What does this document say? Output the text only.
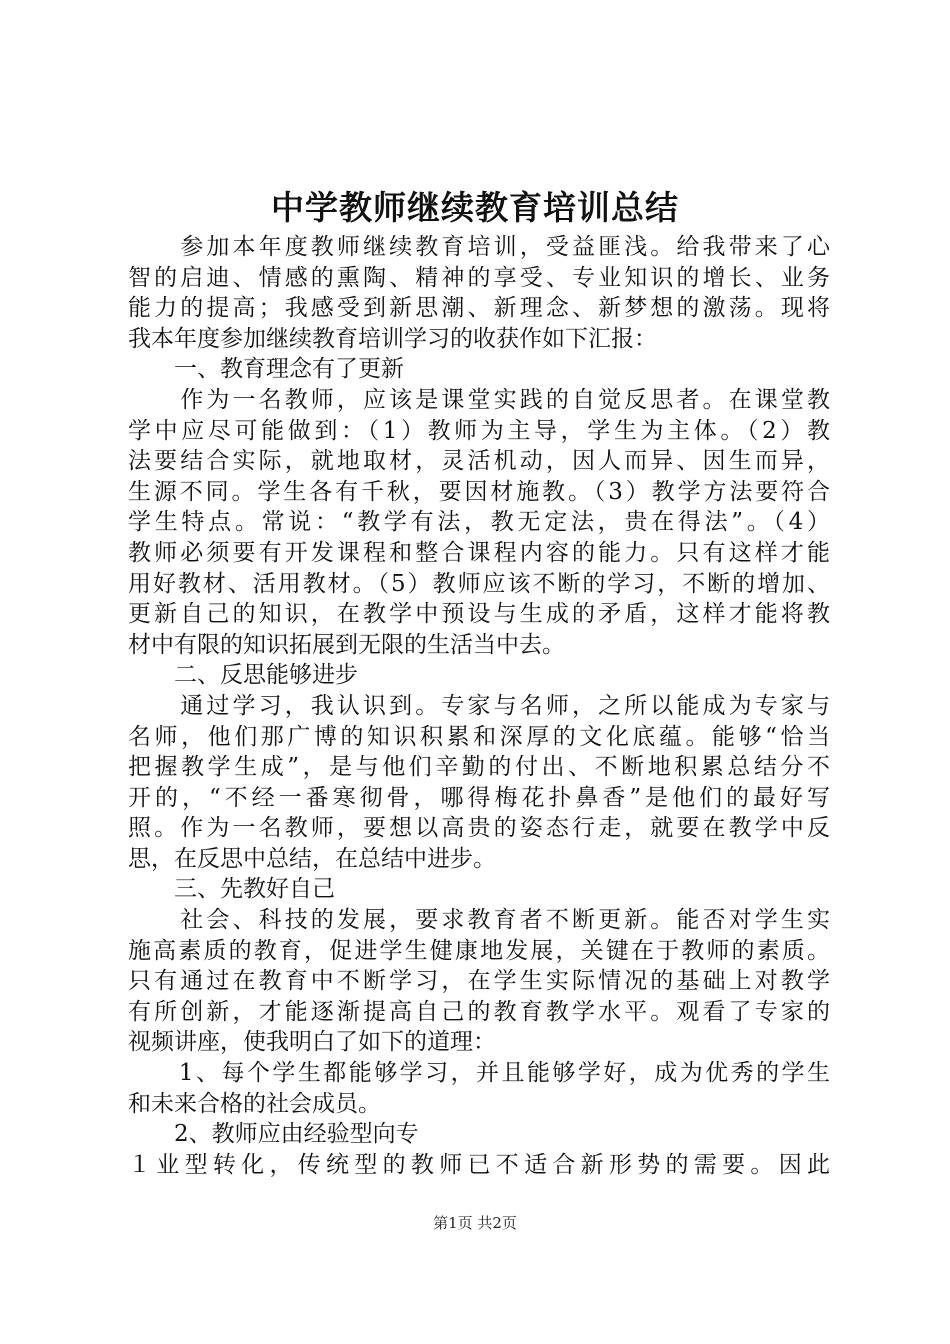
中学教师继续教育培训总结
　　参加本年度教师继续教育培训，受益匪浅。给我带来了心
智的启迪、情感的熏陶、精神的享受、专业知识的增长、业务
能力的提高；我感受到新思潮、新理念、新梦想的激荡。现将
我本年度参加继续教育培训学习的收获作如下汇报：
　　一、教育理念有了更新
　　作为一名教师，应该是课堂实践的自觉反思者。在课堂教
学中应尽可能做到：（1）教师为主导，学生为主体。（2）教
法要结合实际，就地取材，灵活机动，因人而异、因生而异，
生源不同。学生各有千秋，要因材施教。（3）教学方法要符合
学生特点。常说：“教学有法，教无定法，贵在得法”。（4）
教师必须要有开发课程和整合课程内容的能力。只有这样才能
用好教材、活用教材。（5）教师应该不断的学习，不断的增加、
更新自己的知识，在教学中预设与生成的矛盾，这样才能将教
材中有限的知识拓展到无限的生活当中去。
　　二、反思能够进步
　　通过学习，我认识到。专家与名师，之所以能成为专家与
名师，他们那广博的知识积累和深厚的文化底蕴。能够“恰当
把握教学生成”，是与他们辛勤的付出、不断地积累总结分不
开的，“不经一番寒彻骨，哪得梅花扑鼻香”是他们的最好写
照。作为一名教师，要想以高贵的姿态行走，就要在教学中反
思，在反思中总结，在总结中进步。
　　三、先教好自己
　　社会、科技的发展，要求教育者不断更新。能否对学生实
施高素质的教育，促进学生健康地发展，关键在于教师的素质。
只有通过在教育中不断学习，在学生实际情况的基础上对教学
有所创新，才能逐渐提高自己的教育教学水平。观看了专家的
视频讲座，使我明白了如下的道理：
　　1、每个学生都能够学习，并且能够学好，成为优秀的学生
和未来合格的社会成员。
　　2、教师应由经验型向专
１业型转化，传统型的教师已不适合新形势的需要。因此
第1页 共2页
